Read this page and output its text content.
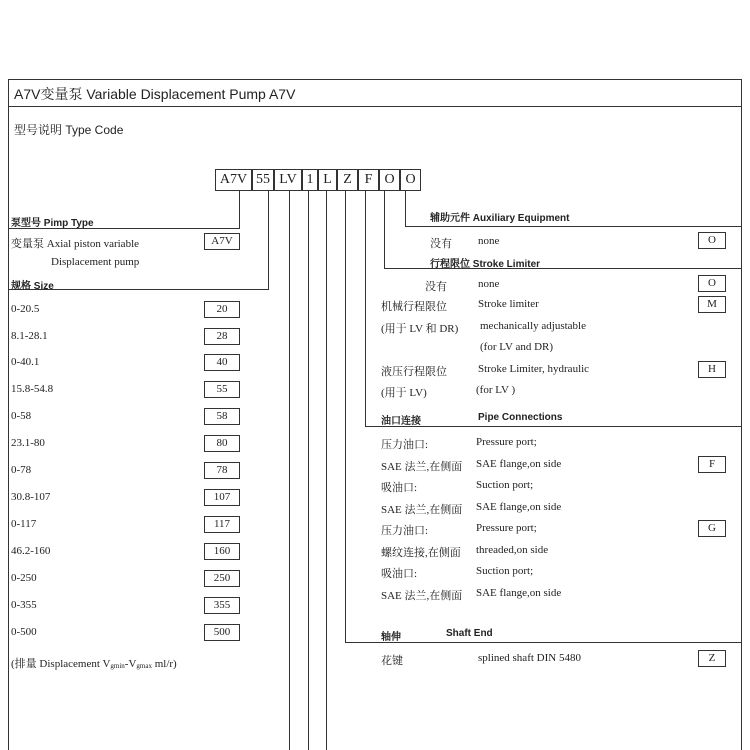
A7V变量泵 Variable Displacement Pump A7V
型号说明 Type Code
A7V 55 LV 1 L Z F O O
泵型号 Pimp Type
变量泵 Axial piston variable
Displacement pump
A7V
规格 Size
0-20.5	20
8.1-28.1	28
0-40.1	40
15.8-54.8	55
0-58	58
23.1-80	80
0-78	78
30.8-107	107
0-117	117
46.2-160	160
0-250	250
0-355	355
0-500	500
(排量 Displacement Vgmin-Vgmax ml/r)
辅助元件 Auxiliary Equipment
没有 none	O
行程限位 Stroke Limiter
没有	none	O
机械行程限位	Stroke limiter	M
(用于 LV 和 DR) mechanically adjustable
(for LV and DR)
液压行程限位	Stroke Limiter, hydraulic	H
(用于 LV)	(for LV )
油口连接	Pipe Connections
压力油口:	Pressure port;
SAE 法兰,在侧面 SAE flange,on side	F
吸油口:	Suction port;
SAE 法兰,在侧面 SAE flange,on side
压力油口:	Pressure port;	G
螺纹连接,在侧面 threaded,on side
吸油口:	Suction port;
SAE 法兰,在侧面 SAE flange,on side
轴伸	Shaft End
花键	splined shaft DIN 5480	Z
